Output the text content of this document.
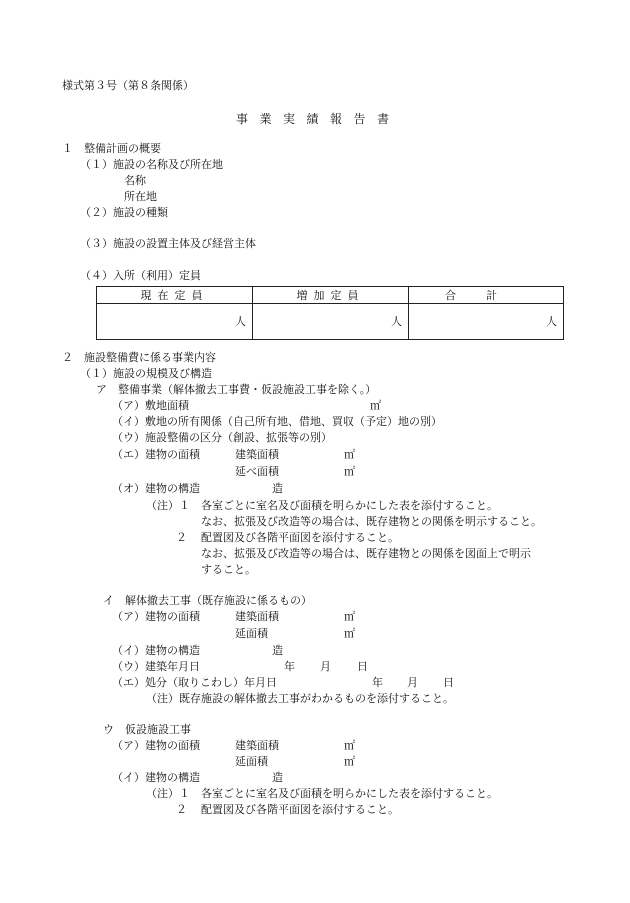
様式第３号（第８条関係）
事業実績報告書
１　整備計画の概要
（１）施設の名称及び所在地
名称
所在地
（２）施設の種類
（３）施設の設置主体及び経営主体
（４）入所（利用）定員
現在定員	増加定員	合計
人	人	人
２　施設整備費に係る事業内容
（１）施設の規模及び構造
ア　整備事業（解体撤去工事費・仮設施設工事を除く。）
（ア）敷地面積	㎡
（イ）敷地の所有関係（自己所有地、借地、買収（予定）地の別）
（ウ）施設整備の区分（創設、拡張等の別）
（エ）建物の面積	建築面積	㎡
延べ面積	㎡
（オ）建物の構造	造
（注）１ 各室ごとに室名及び面積を明らかにした表を添付すること。
なお、拡張及び改造等の場合は、既存建物との関係を明示すること。
２ 配置図及び各階平面図を添付すること。
なお、拡張及び改造等の場合は、既存建物との関係を図面上で明示
すること。
イ　解体撤去工事（既存施設に係るもの）
（ア）建物の面積	建築面積	㎡
延面積	㎡
（イ）建物の構造	造
（ウ）建築年月日	年 月 日
（エ）処分（取りこわし）年月日	年 月 日
（注）既存施設の解体撤去工事がわかるものを添付すること。
ウ　仮設施設工事
（ア）建物の面積	建築面積	㎡
延面積	㎡
（イ）建物の構造	造
（注）１ 各室ごとに室名及び面積を明らかにした表を添付すること。
２ 配置図及び各階平面図を添付すること。
